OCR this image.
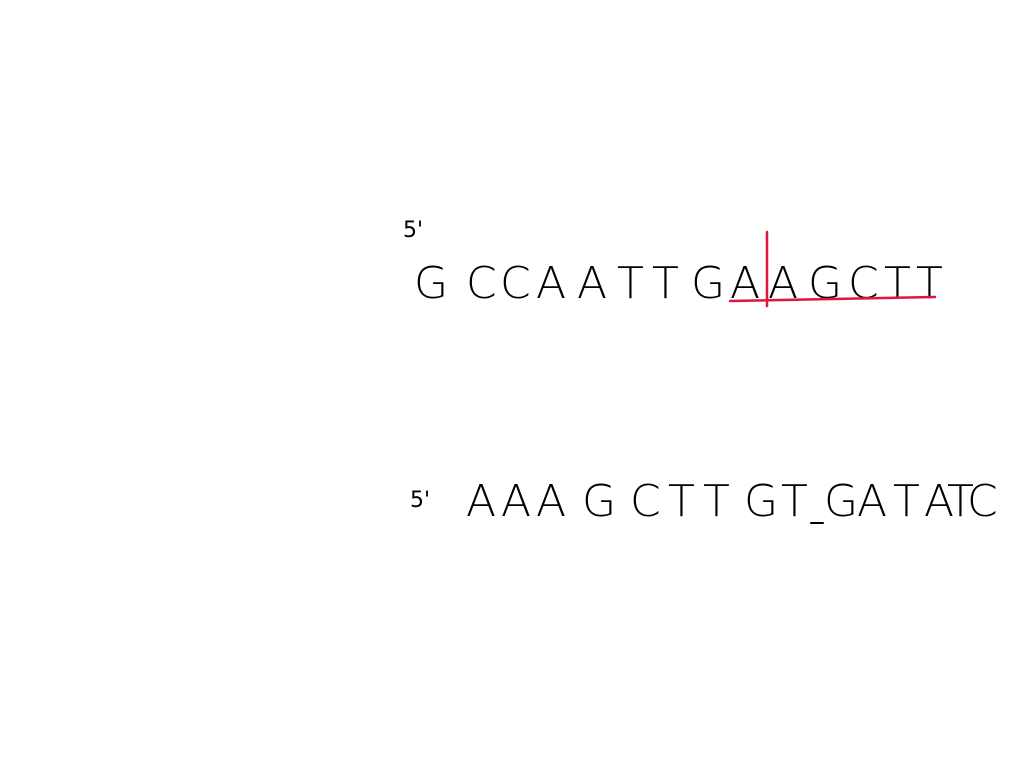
5'
G C C A A T T G A A G C T T
5' A A A G C T T G T G
A T A
T
C
